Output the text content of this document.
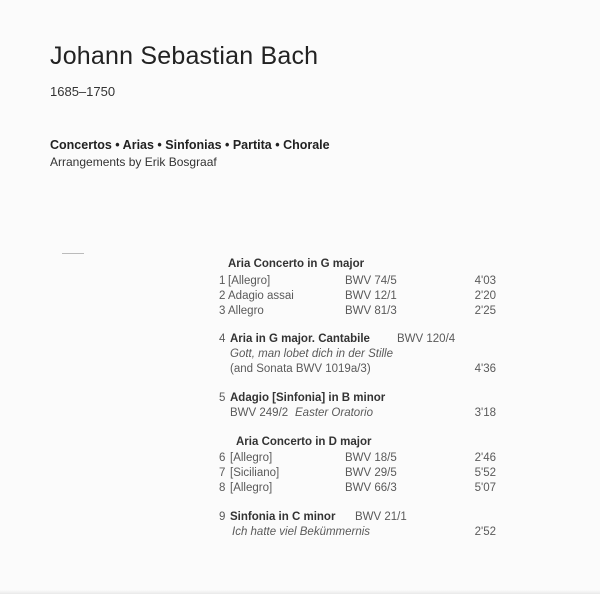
Johann Sebastian Bach
1685–1750
Concertos • Arias • Sinfonias • Partita • Chorale
Arrangements by Erik Bosgraaf
Aria Concerto in G major
1 [Allegro]	BWV 74/5	4'03
2 Adagio assai	BWV 12/1	2'20
3 Allegro	BWV 81/3	2'25
4 Aria in G major. Cantabile BWV 120/4
Gott, man lobet dich in der Stille
(and Sonata BWV 1019a/3)	4'36
5 Adagio [Sinfonia] in B minor
BWV 249/2 Easter Oratorio	3'18
Aria Concerto in D major
6 [Allegro]	BWV 18/5	2'46
7 [Siciliano]	BWV 29/5	5'52
8 [Allegro]	BWV 66/3	5'07
9 Sinfonia in C minor BWV 21/1
Ich hatte viel Bekümmernis	2'52
